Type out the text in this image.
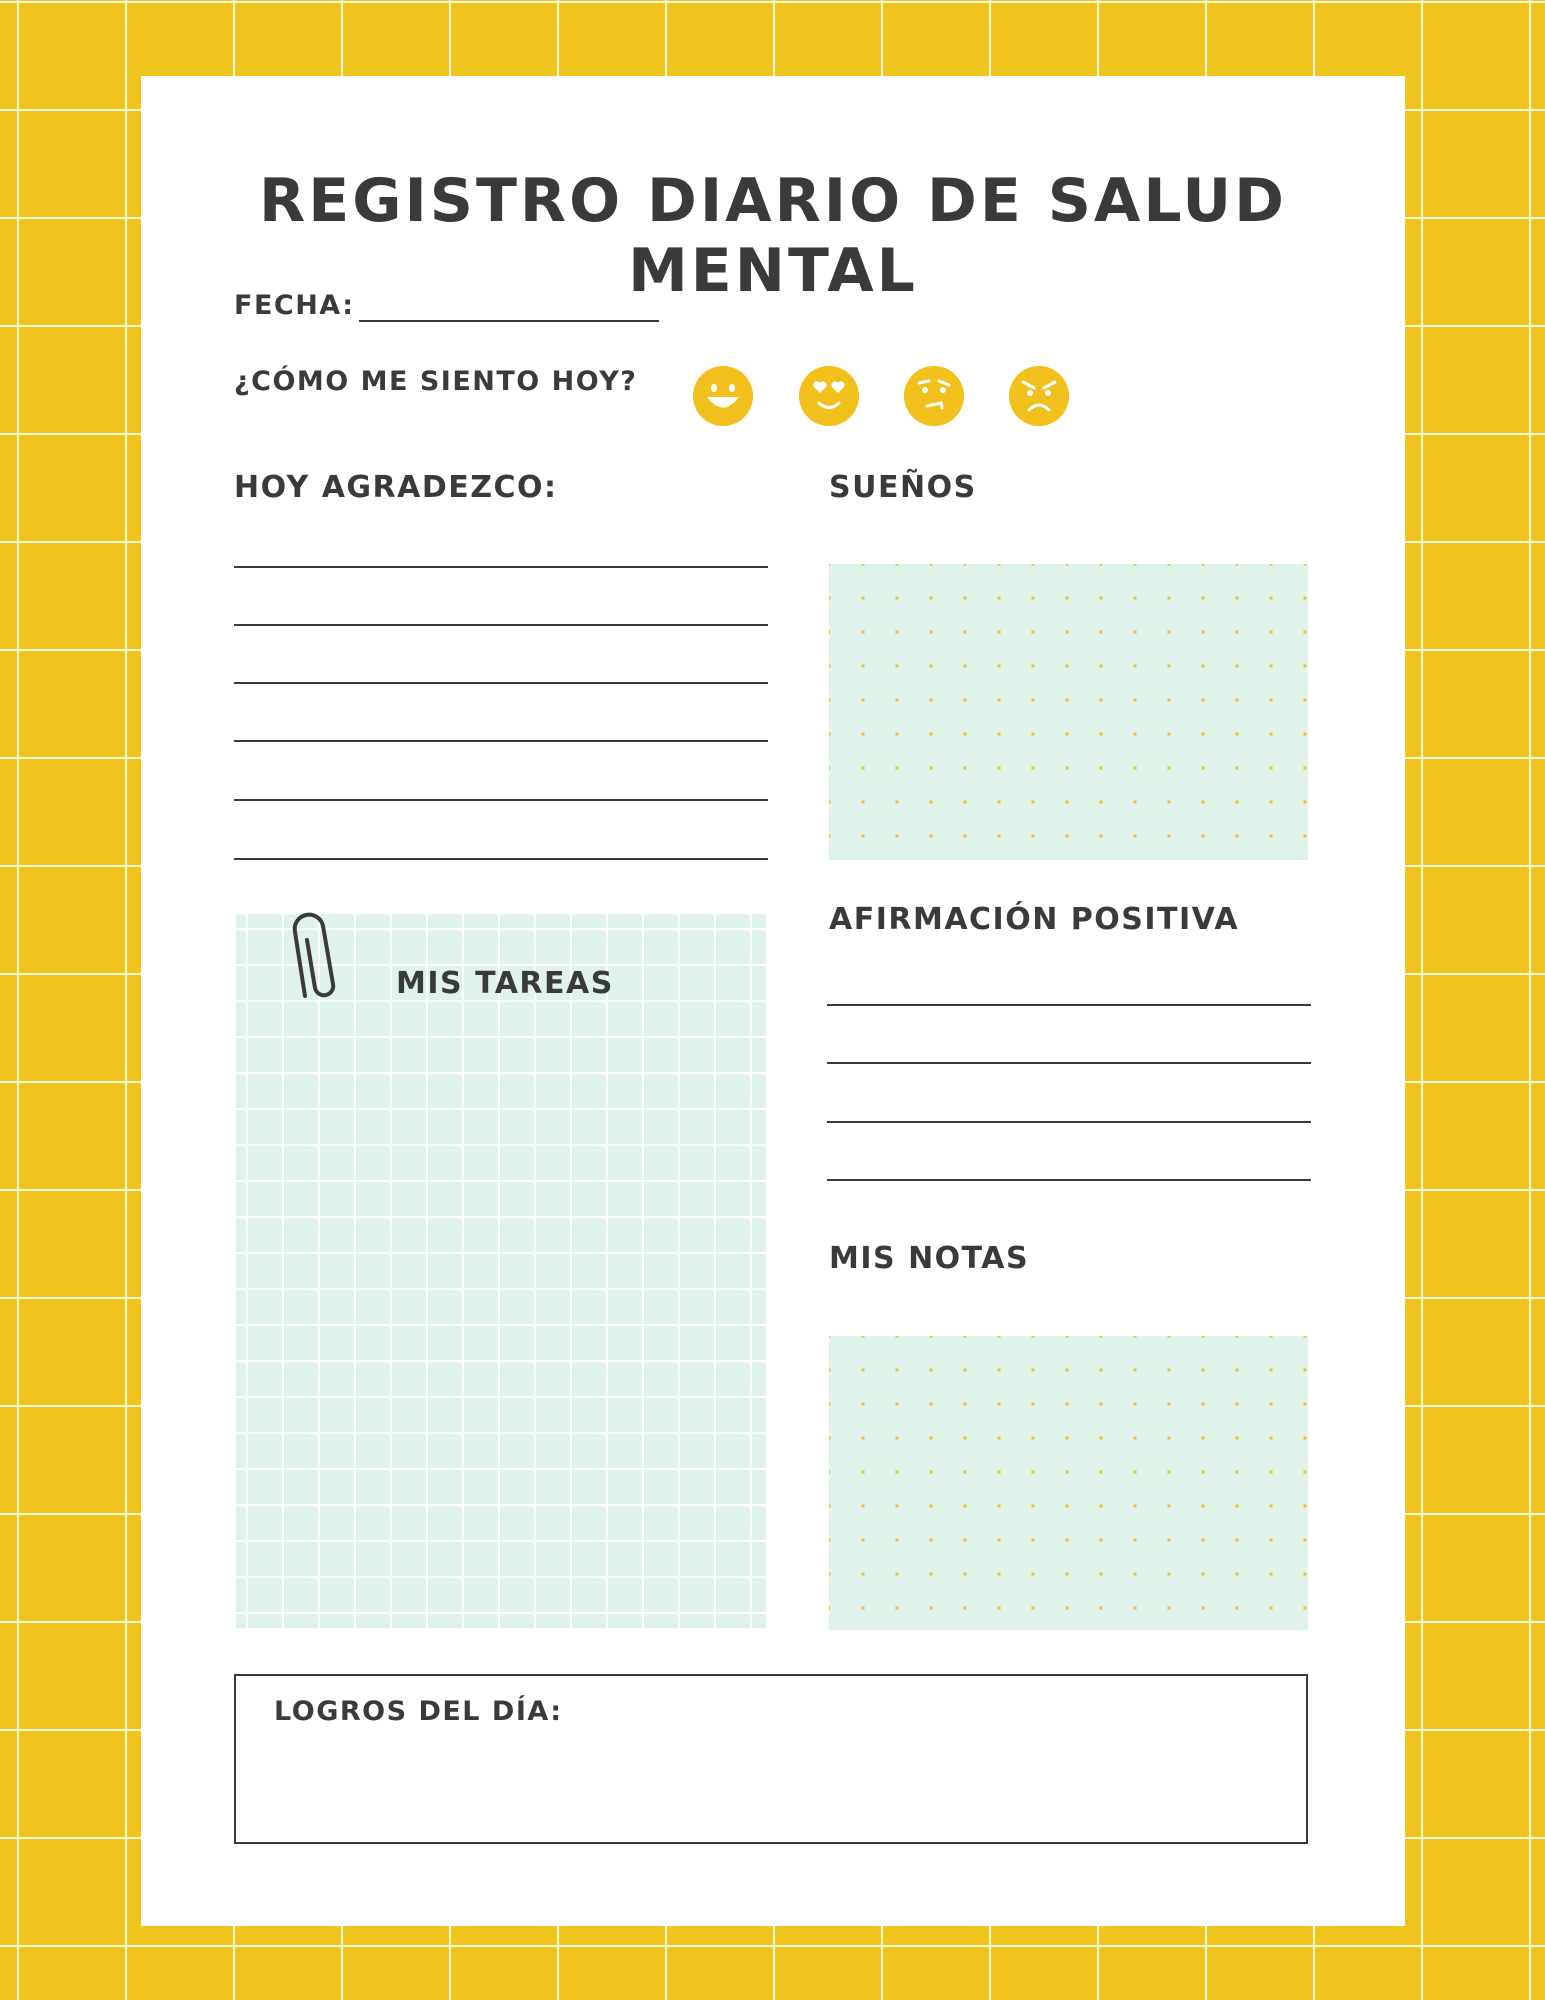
REGISTRO DIARIO DE SALUD MENTAL
FECHA:
¿CÓMO ME SIENTO HOY?
HOY AGRADEZCO:	SUEÑOS
MIS TAREAS
AFIRMACIÓN POSITIVA
MIS NOTAS
LOGROS DEL DÍA:
